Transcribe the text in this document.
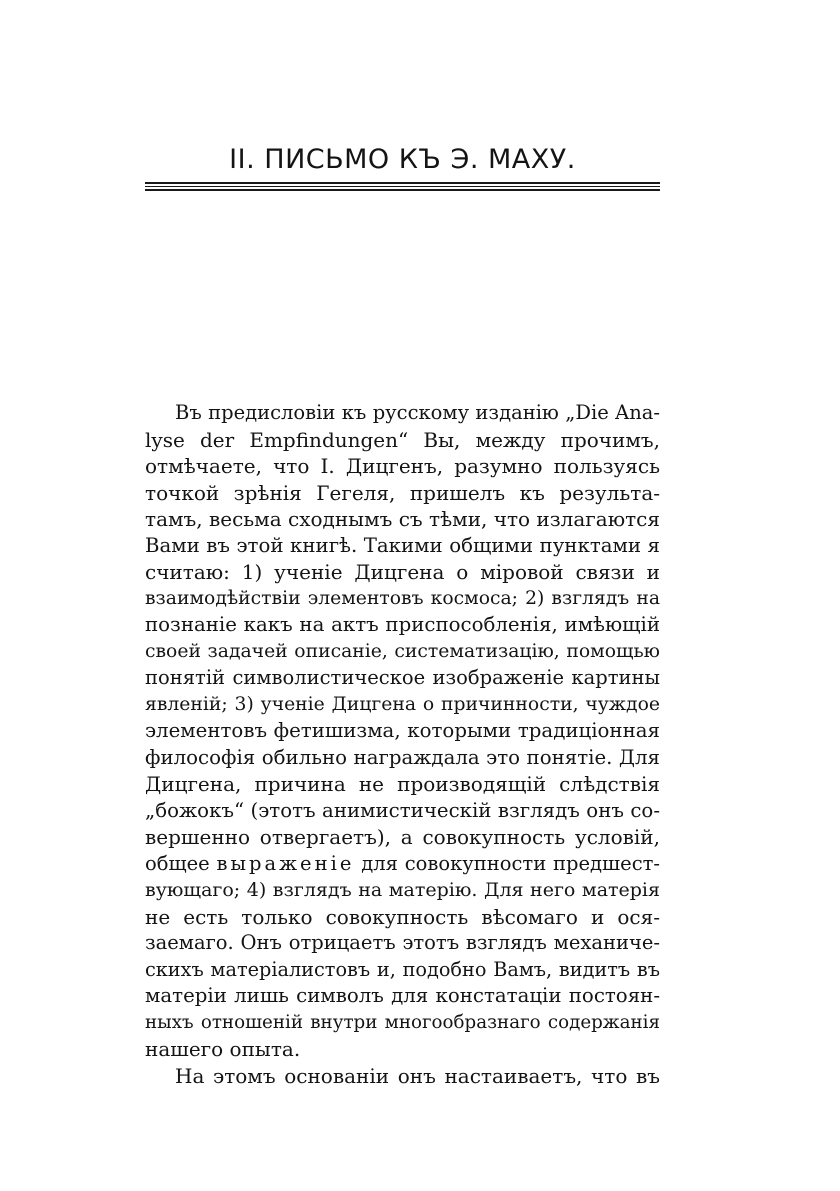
II. ПИСЬМО КЪ Э. МАХУ.
Въ предисловiи къ русскому изданiю „Die Ana-
lyse der Empfindungen“ Вы, между прочимъ,
отмѣчаете, что I. Дицгенъ, разумно пользуясь
точкой зрѣнiя Гегеля, пришелъ къ результа-
тамъ, весьма сходнымъ съ тѣми, что излагаются
Вами въ этой книгѣ. Такими общими пунктами я
считаю: 1) ученiе Дицгена о мiровой связи и
взаимодѣйствiи элементовъ космоса; 2) взглядъ на
познанiе какъ на актъ приспособленiя, имѣющiй
своей задачей описанiе, систематизацiю, помощью
понятiй символистическое изображенiе картины
явленiй; 3) ученiе Дицгена о причинности, чуждое
элементовъ фетишизма, которыми традицiонная
философiя обильно награждала это понятiе. Для
Дицгена, причина не производящiй слѣдствiя
„божокъ“ (этотъ анимистическiй взглядъ онъ со-
вершенно отвергаетъ), а совокупность условiй,
общее выраженiе для совокупности предшест-
вующаго; 4) взглядъ на матерiю. Для него матерiя
не есть только совокупность вѣсомаго и ося-
заемаго. Онъ отрицаетъ этотъ взглядъ механиче-
скихъ матерiалистовъ и, подобно Вамъ, видитъ въ
матерiи лишь символъ для констатацiи постоян-
ныхъ отношенiй внутри многообразнаго содержанiя
нашего опыта.
На этомъ основанiи онъ настаиваетъ, что въ
